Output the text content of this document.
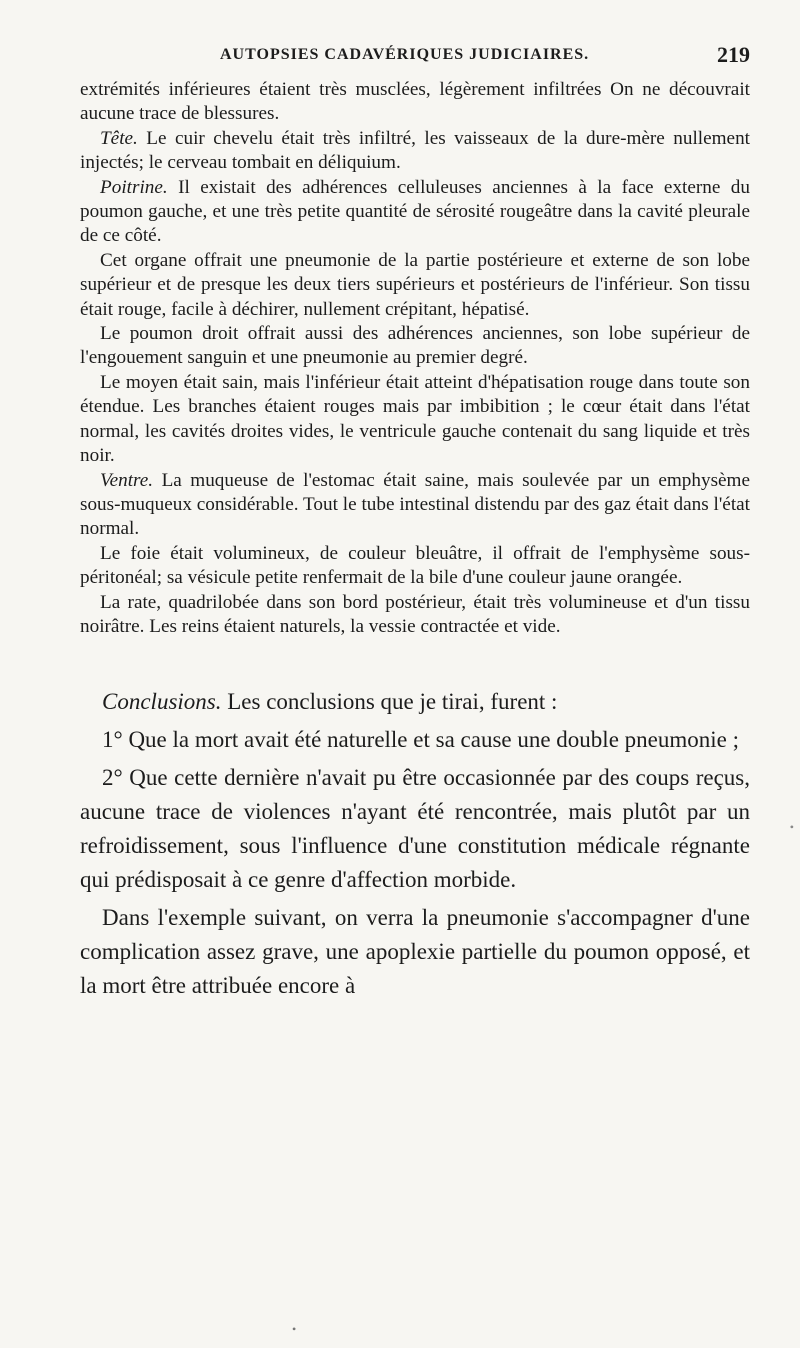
AUTOPSIES CADAVÉRIQUES JUDICIAIRES.	219

extrémités inférieures étaient très musclées, légèrement infiltrées On ne découvrait aucune trace de blessures.

Tête. Le cuir chevelu était très infiltré, les vaisseaux de la dure-mère nullement injectés; le cerveau tombait en déliquium.

Poitrine. Il existait des adhérences celluleuses anciennes à la face externe du poumon gauche, et une très petite quantité de sérosité rougeâtre dans la cavité pleurale de ce côté.

Cet organe offrait une pneumonie de la partie postérieure et externe de son lobe supérieur et de presque les deux tiers supérieurs et postérieurs de l'inférieur. Son tissu était rouge, facile à déchirer, nullement crépitant, hépatisé.

Le poumon droit offrait aussi des adhérences anciennes, son lobe supérieur de l'engouement sanguin et une pneumonie au premier degré.

Le moyen était sain, mais l'inférieur était atteint d'hépatisation rouge dans toute son étendue. Les branches étaient rouges mais par imbibition ; le cœur était dans l'état normal, les cavités droites vides, le ventricule gauche contenait du sang liquide et très noir.

Ventre. La muqueuse de l'estomac était saine, mais soulevée par un emphysème sous-muqueux considérable. Tout le tube intestinal distendu par des gaz était dans l'état normal.

Le foie était volumineux, de couleur bleuâtre, il offrait de l'emphysème sous-péritonéal; sa vésicule petite renfermait de la bile d'une couleur jaune orangée.

La rate, quadrilobée dans son bord postérieur, était très volumineuse et d'un tissu noirâtre. Les reins étaient naturels, la vessie contractée et vide.

Conclusions. Les conclusions que je tirai, furent :

1° Que la mort avait été naturelle et sa cause une double pneumonie ;

2° Que cette dernière n'avait pu être occasionnée par des coups reçus, aucune trace de violences n'ayant été rencontrée, mais plutôt par un refroidissement, sous l'influence d'une constitution médicale régnante qui prédisposait à ce genre d'affection morbide.

Dans l'exemple suivant, on verra la pneumonie s'accompagner d'une complication assez grave, une apoplexie partielle du poumon opposé, et la mort être attribuée encore à

•
•
